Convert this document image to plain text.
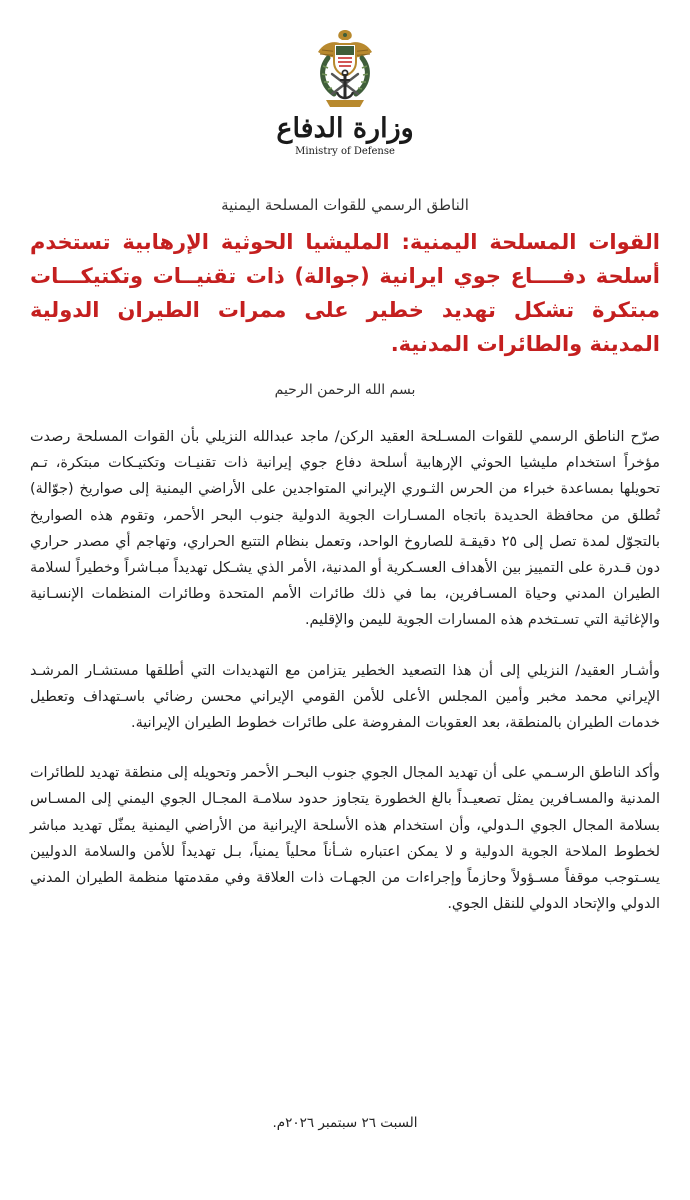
وزارة الدفاع
Ministry of Defense

الناطق الرسمي للقوات المسلحة اليمنية

القوات المسلحة اليمنية: المليشيا الحوثية الإرهابية تستخدم أسلحة دفــــاع جوي ايرانية (جوالة) ذات تقنيــات وتكتيكـــات مبتكرة تشكل تهديد خطير على ممرات الطيران الدولية المدينة والطائرات المدنية.

بسم الله الرحمن الرحيم

صرّح الناطق الرسمي للقوات المسـلحة العقيد الركن/ ماجد عبدالله النزيلي بأن القوات المسلحة رصدت مؤخراً استخدام مليشيا الحوثي الإرهابية أسلحة دفاع جوي إيرانية ذات تقنيـات وتكتيـكات مبتكرة، تـم تحويلها بمساعدة خبراء من الحرس الثـوري الإيراني المتواجدين على الأراضي اليمنية إلى صواريخ (جوّالة) تُطلق من محافظة الحديدة باتجاه المسـارات الجوية الدولية جنوب البحر الأحمر، وتقوم هذه الصواريخ بالتجوّل لمدة تصل إلى ٢٥ دقيقـة للصاروخ الواحد، وتعمل بنظام التتبع الحراري، وتهاجم أي مصدر حراري دون قـدرة على التمييز بين الأهداف العسـكرية أو المدنية، الأمر الذي يشـكل تهديداً مبـاشراً وخطيراً لسلامة الطيران المدني وحياة المسـافرين، بما في ذلك طائرات الأمم المتحدة وطائرات المنظمات الإنسـانية والإغاثية التي تسـتخدم هذه المسارات الجوية لليمن والإقليم.

وأشـار العقيد/ النزيلي إلى أن هذا التصعيد الخطير يتزامن مع التهديدات التي أطلقها مستشـار المرشـد الإيراني محمد مخبر وأمين المجلس الأعلى للأمن القومي الإيراني محسن رضائي باسـتهداف وتعطيل خدمات الطيران بالمنطقة، بعد العقوبات المفروضة على طائرات خطوط الطيران الإيرانية.

وأكد الناطق الرسـمي على أن تهديد المجال الجوي جنوب البحـر الأحمر وتحويله إلى منطقة تهديد للطائرات المدنية والمسـافرين يمثل تصعيـداً بالغ الخطورة يتجاوز حدود سلامـة المجـال الجوي اليمني إلى المسـاس بسلامة المجال الجوي الـدولي، وأن استخدام هذه الأسلحة الإيرانية من الأراضي اليمنية يمثّل تهديد مباشر لخطوط الملاحة الجوية الدولية و لا يمكن اعتباره شـأناً محلياً يمنياً، بـل تهديداً للأمن والسلامة الدوليين يسـتوجب موقفاً مسـؤولاً وحازماً وإجراءات من الجهـات ذات العلاقة وفي مقدمتها منظمة الطيران المدني الدولي والإتحاد الدولي للنقل الجوي.

السبت ٢٦ سبتمبر ٢٠٢٦م.
